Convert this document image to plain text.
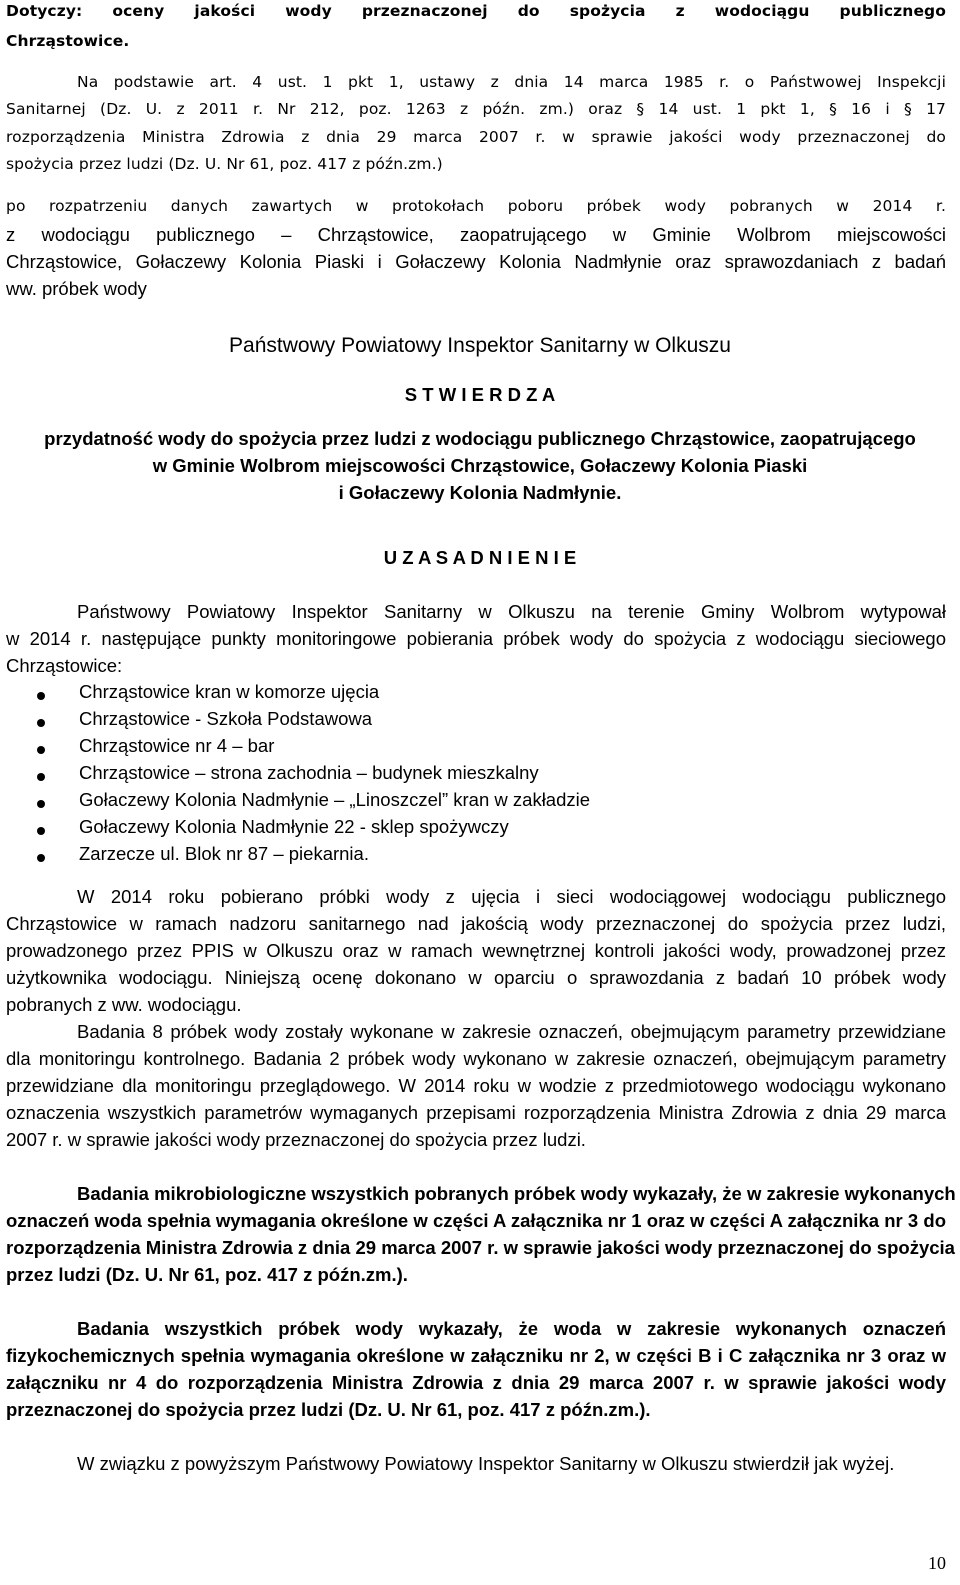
Dotyczy: oceny jakości wody przeznaczonej do spożycia z wodociągu publicznego

Chrząstowice.

Na podstawie art. 4 ust. 1 pkt 1, ustawy z dnia 14 marca 1985 r. o Państwowej Inspekcji

Sanitarnej (Dz. U. z 2011 r. Nr 212, poz. 1263 z późn. zm.) oraz § 14 ust. 1 pkt 1, § 16 i § 17

rozporządzenia Ministra Zdrowia z dnia 29 marca 2007 r. w sprawie jakości wody przeznaczonej do

spożycia przez ludzi (Dz. U. Nr 61, poz. 417 z późn.zm.)

po rozpatrzeniu danych zawartych w protokołach poboru próbek wody pobranych w 2014 r.

z wodociągu publicznego – Chrząstowice, zaopatrującego w Gminie Wolbrom miejscowości

Chrząstowice, Gołaczewy Kolonia Piaski i Gołaczewy Kolonia Nadmłynie oraz sprawozdaniach z badań

ww. próbek wody

Państwowy Powiatowy Inspektor Sanitarny w Olkuszu

S T W I E R D Z A

przydatność wody do spożycia przez ludzi z wodociągu publicznego Chrząstowice, zaopatrującego

w Gminie Wolbrom miejscowości Chrząstowice, Gołaczewy Kolonia Piaski

i Gołaczewy Kolonia Nadmłynie.

U Z A S A D N I E N I E

Państwowy Powiatowy Inspektor Sanitarny w Olkuszu na terenie Gminy Wolbrom wytypował

w 2014 r. następujące punkty monitoringowe pobierania próbek wody do spożycia z wodociągu sieciowego

Chrząstowice:

Chrząstowice kran w komorze ujęcia

Chrząstowice - Szkoła Podstawowa

Chrząstowice nr 4 – bar

Chrząstowice – strona zachodnia – budynek mieszkalny

Gołaczewy Kolonia Nadmłynie – „Linoszczel” kran w zakładzie

Gołaczewy Kolonia Nadmłynie 22 - sklep spożywczy

Zarzecze ul. Blok nr 87 – piekarnia.

W 2014 roku pobierano próbki wody z ujęcia i sieci wodociągowej wodociągu publicznego

Chrząstowice w ramach nadzoru sanitarnego nad jakością wody przeznaczonej do spożycia przez ludzi,

prowadzonego przez PPIS w Olkuszu oraz w ramach wewnętrznej kontroli jakości wody, prowadzonej przez

użytkownika wodociągu. Niniejszą ocenę dokonano w oparciu o sprawozdania z badań 10 próbek wody

pobranych z ww. wodociągu.

Badania 8 próbek wody zostały wykonane w zakresie oznaczeń, obejmującym parametry przewidziane

dla monitoringu kontrolnego. Badania 2 próbek wody wykonano w zakresie oznaczeń, obejmującym parametry

przewidziane dla monitoringu przeglądowego. W 2014 roku w wodzie z przedmiotowego wodociągu wykonano

oznaczenia wszystkich parametrów wymaganych przepisami rozporządzenia Ministra Zdrowia z dnia 29 marca

2007 r. w sprawie jakości wody przeznaczonej do spożycia przez ludzi.

Badania mikrobiologiczne wszystkich pobranych próbek wody wykazały, że w zakresie wykonanych

oznaczeń woda spełnia wymagania określone w części A załącznika nr 1 oraz w części A załącznika nr 3 do

rozporządzenia Ministra Zdrowia z dnia 29 marca 2007 r. w sprawie jakości wody przeznaczonej do spożycia

przez ludzi (Dz. U. Nr 61, poz. 417 z późn.zm.).

Badania wszystkich próbek wody wykazały, że woda w zakresie wykonanych oznaczeń

fizykochemicznych spełnia wymagania określone w załączniku nr 2, w części B i C załącznika nr 3 oraz w

załączniku nr 4 do rozporządzenia Ministra Zdrowia z dnia 29 marca 2007 r. w sprawie jakości wody

przeznaczonej do spożycia przez ludzi (Dz. U. Nr 61, poz. 417 z późn.zm.).

W związku z powyższym Państwowy Powiatowy Inspektor Sanitarny w Olkuszu stwierdził jak wyżej.

10
